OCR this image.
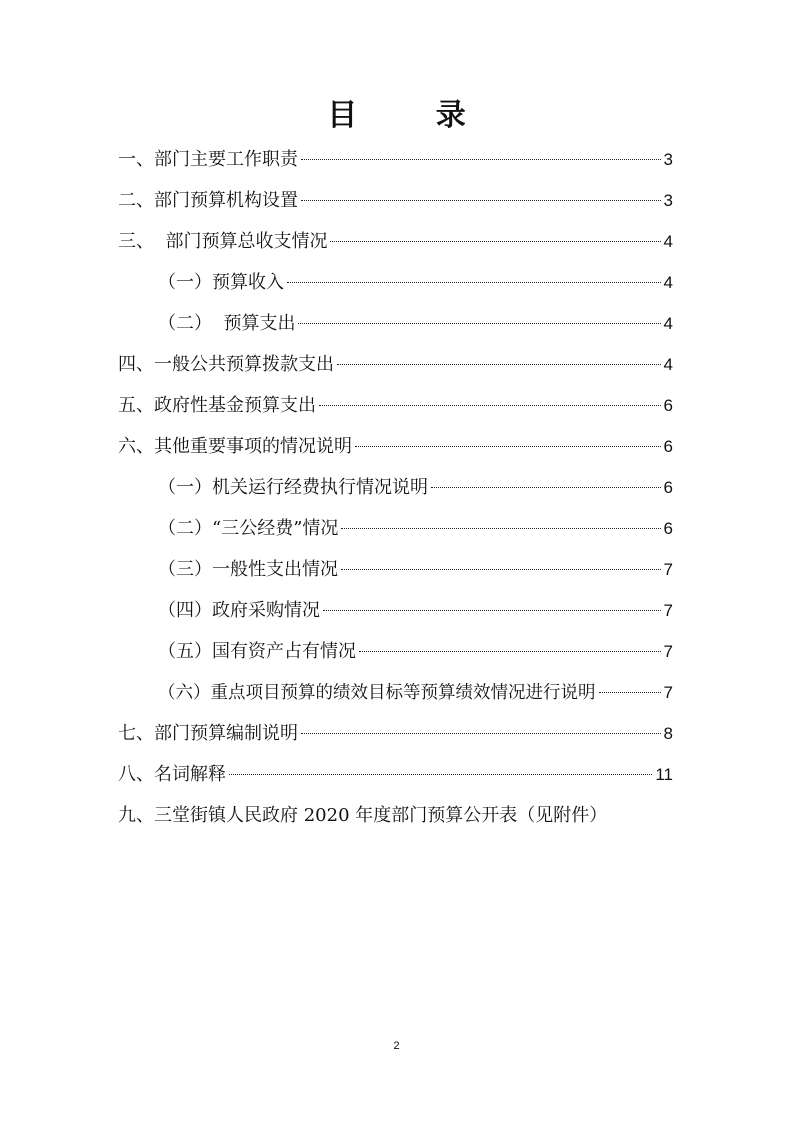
目 录
一、部门主要工作职责	3
二、部门预算机构设置	3
三、  部门预算总收支情况	4
（一）预算收入	4
（二）  预算支出	4
四、一般公共预算拨款支出	4
五、政府性基金预算支出	6
六、其他重要事项的情况说明	6
（一）机关运行经费执行情况说明	6
（二）“三公经费”情况	6
（三）一般性支出情况	7
（四）政府采购情况	7
（五）国有资产占有情况	7
（六）重点项目预算的绩效目标等预算绩效情况进行说明	7
七、部门预算编制说明	8
八、名词解释	11
九、三堂街镇人民政府 2020 年度部门预算公开表（见附件）
2
